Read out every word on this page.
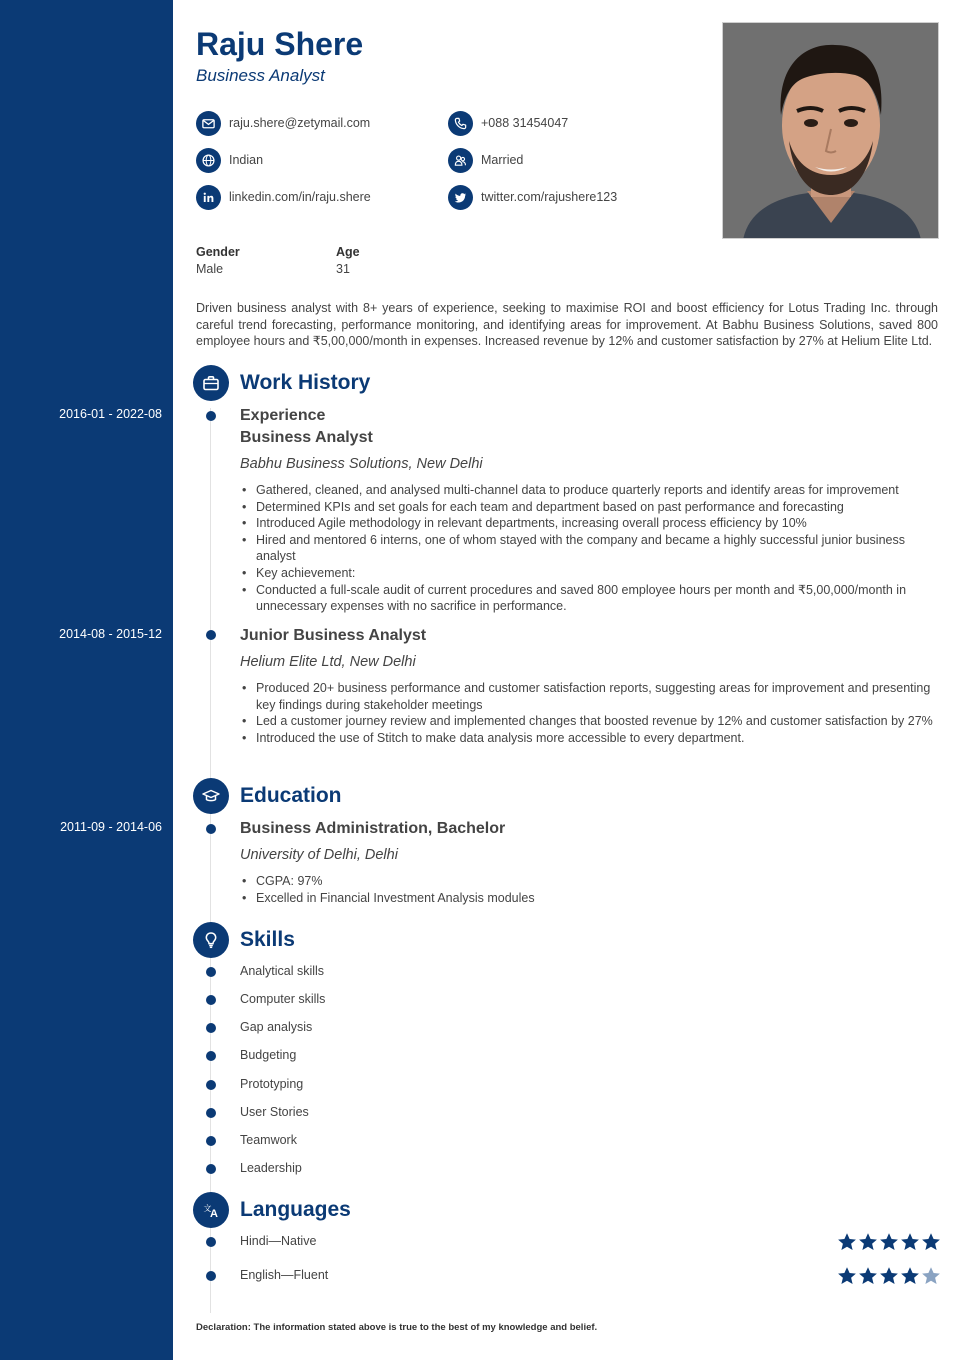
Raju Shere
Business Analyst
raju.shere@zetymail.com	+088 31454047
Indian	Married
linkedin.com/in/raju.shere	twitter.com/rajushere123
Gender
Male
Age
31
Driven business analyst with 8+ years of experience, seeking to maximise ROI and boost efficiency for Lotus Trading Inc. through careful trend forecasting, performance monitoring, and identifying areas for improvement. At Babhu Business Solutions, saved 800 employee hours and ₹5,00,000/month in expenses. Increased revenue by 12% and customer satisfaction by 27% at Helium Elite Ltd.
Work History
2016-01 - 2022-08	Experience
Business Analyst
Babhu Business Solutions, New Delhi
• Gathered, cleaned, and analysed multi-channel data to produce quarterly reports and identify areas for improvement
• Determined KPIs and set goals for each team and department based on past performance and forecasting
• Introduced Agile methodology in relevant departments, increasing overall process efficiency by 10%
• Hired and mentored 6 interns, one of whom stayed with the company and became a highly successful junior business analyst
• Key achievement:
• Conducted a full-scale audit of current procedures and saved 800 employee hours per month and ₹5,00,000/month in unnecessary expenses with no sacrifice in performance.
2014-08 - 2015-12	Junior Business Analyst
Helium Elite Ltd, New Delhi
• Produced 20+ business performance and customer satisfaction reports, suggesting areas for improvement and presenting key findings during stakeholder meetings
• Led a customer journey review and implemented changes that boosted revenue by 12% and customer satisfaction by 27%
• Introduced the use of Stitch to make data analysis more accessible to every department.
Education
2011-09 - 2014-06	Business Administration, Bachelor
University of Delhi, Delhi
• CGPA: 97%
• Excelled in Financial Investment Analysis modules
Skills
Analytical skills
Computer skills
Gap analysis
Budgeting
Prototyping
User Stories
Teamwork
Leadership
文
A Languages
Hindi—Native
English—Fluent
Declaration: The information stated above is true to the best of my knowledge and belief.
